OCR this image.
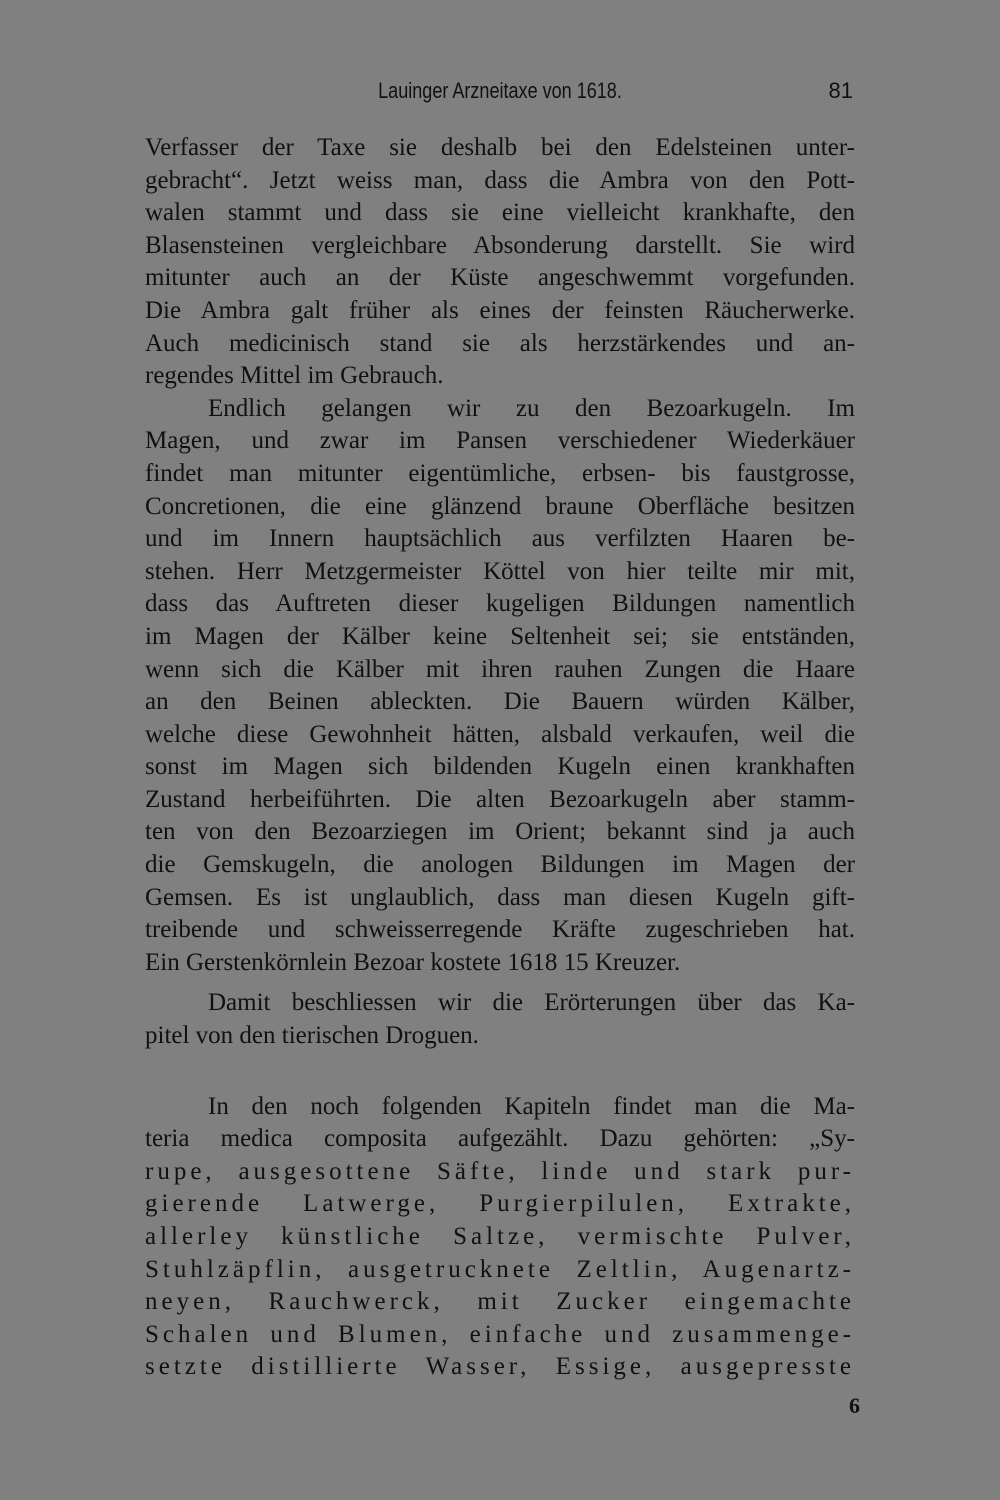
Lauinger Arzneitaxe von 1618.	81
Verfasser der Taxe sie deshalb bei den Edelsteinen unter-
gebracht“. Jetzt weiss man, dass die Ambra von den Pott-
walen stammt und dass sie eine vielleicht krankhafte, den
Blasensteinen vergleichbare Absonderung darstellt. Sie wird
mitunter auch an der Küste angeschwemmt vorgefunden.
Die Ambra galt früher als eines der feinsten Räucherwerke.
Auch medicinisch stand sie als herzstärkendes und an-
regendes Mittel im Gebrauch.
Endlich gelangen wir zu den Bezoarkugeln. Im
Magen, und zwar im Pansen verschiedener Wiederkäuer
findet man mitunter eigentümliche, erbsen- bis faustgrosse,
Concretionen, die eine glänzend braune Oberfläche besitzen
und im Innern hauptsächlich aus verfilzten Haaren be-
stehen. Herr Metzgermeister Köttel von hier teilte mir mit,
dass das Auftreten dieser kugeligen Bildungen namentlich
im Magen der Kälber keine Seltenheit sei; sie entständen,
wenn sich die Kälber mit ihren rauhen Zungen die Haare
an den Beinen ableckten. Die Bauern würden Kälber,
welche diese Gewohnheit hätten, alsbald verkaufen, weil die
sonst im Magen sich bildenden Kugeln einen krankhaften
Zustand herbeiführten. Die alten Bezoarkugeln aber stamm-
ten von den Bezoarziegen im Orient; bekannt sind ja auch
die Gemskugeln, die anologen Bildungen im Magen der
Gemsen. Es ist unglaublich, dass man diesen Kugeln gift-
treibende und schweisserregende Kräfte zugeschrieben hat.
Ein Gerstenkörnlein Bezoar kostete 1618 15 Kreuzer.
Damit beschliessen wir die Erörterungen über das Ka-
pitel von den tierischen Droguen.
In den noch folgenden Kapiteln findet man die Ma-
teria medica composita aufgezählt. Dazu gehörten: „Sy-
rupe, ausgesottene Säfte, linde und stark pur-
gierende Latwerge, Purgierpilulen, Extrakte,
allerley künstliche Saltze, vermischte Pulver,
Stuhlzäpflin, ausgetrucknete Zeltlin, Augenartz-
neyen, Rauchwerck, mit Zucker eingemachte
Schalen und Blumen, einfache und zusammenge-
setzte distillierte Wasser, Essige, ausgepresste
6
